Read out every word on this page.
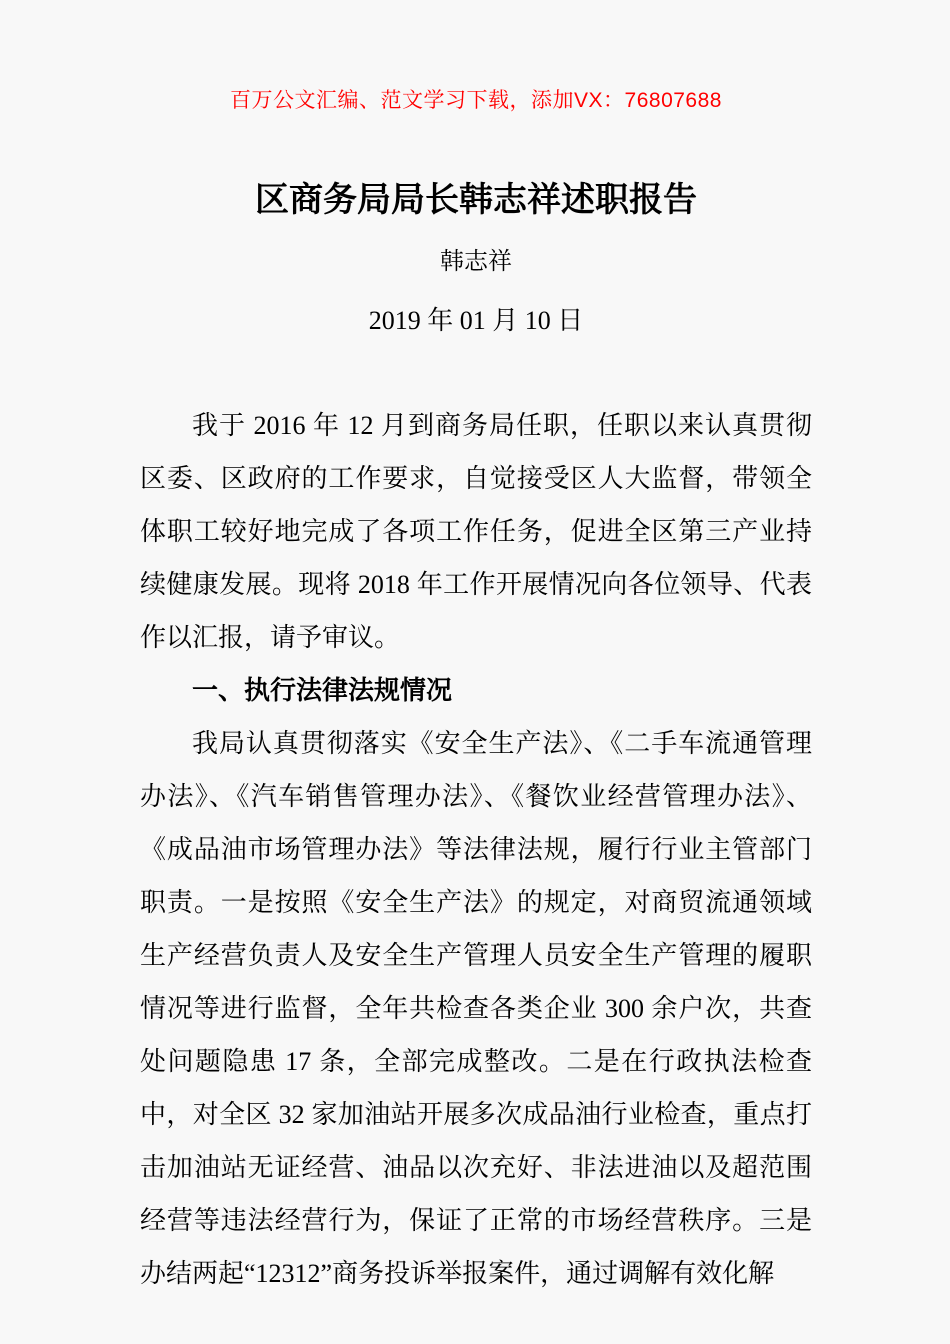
百万公文汇编、范文学习下载，添加VX：76807688

区商务局局长韩志祥述职报告

韩志祥

2019 年 01 月 10 日

我于 2016 年 12 月到商务局任职，任职以来认真贯彻区委、区政府的工作要求，自觉接受区人大监督，带领全体职工较好地完成了各项工作任务，促进全区第三产业持续健康发展。现将 2018 年工作开展情况向各位领导、代表作以汇报，请予审议。

一、执行法律法规情况

我局认真贯彻落实《安全生产法》、《二手车流通管理办法》、《汽车销售管理办法》、《餐饮业经营管理办法》、《成品油市场管理办法》等法律法规，履行行业主管部门职责。一是按照《安全生产法》的规定，对商贸流通领域生产经营负责人及安全生产管理人员安全生产管理的履职情况等进行监督，全年共检查各类企业 300 余户次，共查处问题隐患 17 条，全部完成整改。二是在行政执法检查中，对全区 32 家加油站开展多次成品油行业检查，重点打击加油站无证经营、油品以次充好、非法进油以及超范围经营等违法经营行为，保证了正常的市场经营秩序。三是办结两起“12312”商务投诉举报案件，通过调解有效化解
